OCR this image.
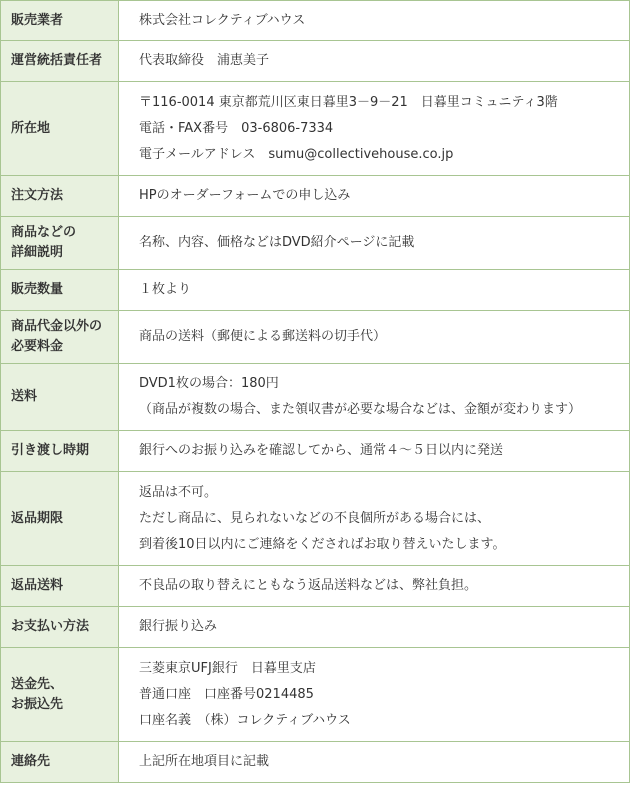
販売業者	株式会社コレクティブハウス

運営統括責任者	代表取締役　浦恵美子

所在地	〒116-0014 東京都荒川区東日暮里3－9－21　日暮里コミュニティ3階
電話・FAX番号　03-6806-7334
電子メールアドレス　sumu@collectivehouse.co.jp

注文方法	HPのオーダーフォームでの申し込み

商品などの
詳細説明	名称、内容、価格などはDVD紹介ページに記載

販売数量	１枚より

商品代金以外の
必要料金	商品の送料（郵便による郵送料の切手代）

送料	DVD1枚の場合：180円
（商品が複数の場合、また領収書が必要な場合などは、金額が変わります）

引き渡し時期	銀行へのお振り込みを確認してから、通常４～５日以内に発送

返品期限	返品は不可。
ただし商品に、見られないなどの不良個所がある場合には、
到着後10日以内にご連絡をくださればお取り替えいたします。

返品送料	不良品の取り替えにともなう返品送料などは、弊社負担。

お支払い方法	銀行振り込み

送金先、
お振込先	三菱東京UFJ銀行　日暮里支店
普通口座　口座番号0214485
口座名義　（株）コレクティブハウス

連絡先	上記所在地項目に記載
